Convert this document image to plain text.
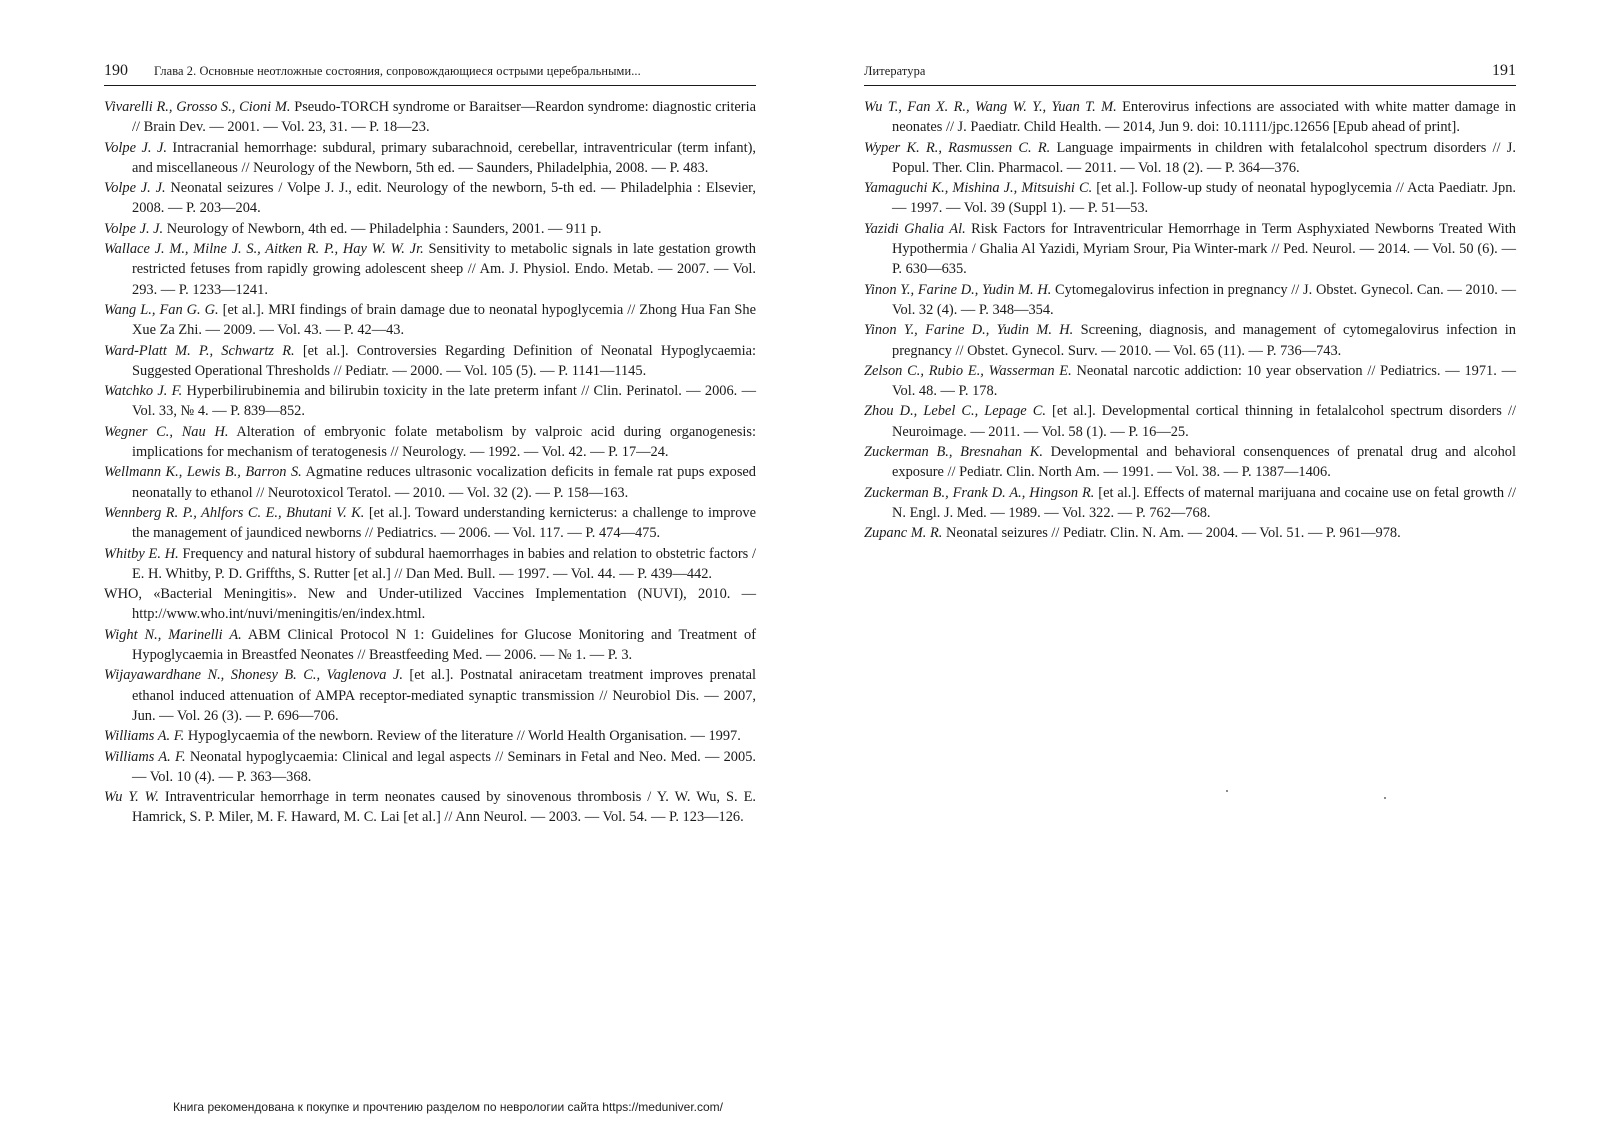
190 Глава 2. Основные неотложные состояния, сопровождающиеся острыми церебральными...

Vivarelli R., Grosso S., Cioni M. Pseudo-TORCH syndrome or Baraitser—Reardon syndrome: diagnostic criteria // Brain Dev. — 2001. — Vol. 23, 31. — P. 18—23.

Volpe J. J. Intracranial hemorrhage: subdural, primary subarachnoid, cerebellar, intraventricular (term infant), and miscellaneous // Neurology of the Newborn, 5th ed. — Saunders, Philadelphia, 2008. — P. 483.

Volpe J. J. Neonatal seizures / Volpe J. J., edit. Neurology of the newborn, 5-th ed. — Philadelphia : Elsevier, 2008. — P. 203—204.

Volpe J. J. Neurology of Newborn, 4th ed. — Philadelphia : Saunders, 2001. — 911 p.

Wallace J. M., Milne J. S., Aitken R. P., Hay W. W. Jr. Sensitivity to metabolic signals in late gestation growth restricted fetuses from rapidly growing adolescent sheep // Am. J. Physiol. Endo. Metab. — 2007. — Vol. 293. — P. 1233—1241.

Wang L., Fan G. G. [et al.]. MRI findings of brain damage due to neonatal hypoglycemia // Zhong Hua Fan She Xue Za Zhi. — 2009. — Vol. 43. — P. 42—43.

Ward-Platt M. P., Schwartz R. [et al.]. Controversies Regarding Definition of Neonatal Hypoglycaemia: Suggested Operational Thresholds // Pediatr. — 2000. — Vol. 105 (5). — P. 1141—1145.

Watchko J. F. Hyperbilirubinemia and bilirubin toxicity in the late preterm infant // Clin. Perinatol. — 2006. — Vol. 33, № 4. — P. 839—852.

Wegner C., Nau H. Alteration of embryonic folate metabolism by valproic acid during organogenesis: implications for mechanism of teratogenesis // Neurology. — 1992. — Vol. 42. — P. 17—24.

Wellmann K., Lewis B., Barron S. Agmatine reduces ultrasonic vocalization deficits in female rat pups exposed neonatally to ethanol // Neurotoxicol Teratol. — 2010. — Vol. 32 (2). — P. 158—163.

Wennberg R. P., Ahlfors C. E., Bhutani V. K. [et al.]. Toward understanding kernicterus: a challenge to improve the management of jaundiced newborns // Pediatrics. — 2006. — Vol. 117. — P. 474—475.

Whitby E. H. Frequency and natural history of subdural haemorrhages in babies and relation to obstetric factors / E. H. Whitby, P. D. Griffths, S. Rutter [et al.] // Dan Med. Bull. — 1997. — Vol. 44. — P. 439—442.

WHO, «Bacterial Meningitis». New and Under-utilized Vaccines Implementation (NUVI), 2010. — http://www.who.int/nuvi/meningitis/en/index.html.

Wight N., Marinelli A. ABM Clinical Protocol N 1: Guidelines for Glucose Monitoring and Treatment of Hypoglycaemia in Breastfed Neonates // Breastfeeding Med. — 2006. — № 1. — P. 3.

Wijayawardhane N., Shonesy B. C., Vaglenova J. [et al.]. Postnatal aniracetam treatment improves prenatal ethanol induced attenuation of AMPA receptor-mediated synaptic transmission // Neurobiol Dis. — 2007, Jun. — Vol. 26 (3). — P. 696—706.

Williams A. F. Hypoglycaemia of the newborn. Review of the literature // World Health Organisation. — 1997.

Williams A. F. Neonatal hypoglycaemia: Clinical and legal aspects // Seminars in Fetal and Neo. Med. — 2005. — Vol. 10 (4). — P. 363—368.

Wu Y. W. Intraventricular hemorrhage in term neonates caused by sinovenous thrombosis / Y. W. Wu, S. E. Hamrick, S. P. Miler, M. F. Haward, M. C. Lai [et al.] // Ann Neurol. — 2003. — Vol. 54. — P. 123—126.

Литература	191

Wu T., Fan X. R., Wang W. Y., Yuan T. M. Enterovirus infections are associated with white matter damage in neonates // J. Paediatr. Child Health. — 2014, Jun 9. doi: 10.1111/jpc.12656 [Epub ahead of print].

Wyper K. R., Rasmussen C. R. Language impairments in children with fetalalcohol spectrum disorders // J. Popul. Ther. Clin. Pharmacol. — 2011. — Vol. 18 (2). — P. 364—376.

Yamaguchi K., Mishina J., Mitsuishi C. [et al.]. Follow-up study of neonatal hypoglycemia // Acta Paediatr. Jpn. — 1997. — Vol. 39 (Suppl 1). — P. 51—53.

Yazidi Ghalia Al. Risk Factors for Intraventricular Hemorrhage in Term Asphyxiated Newborns Treated With Hypothermia / Ghalia Al Yazidi, Myriam Srour, Pia Winter-mark // Ped. Neurol. — 2014. — Vol. 50 (6). — P. 630—635.

Yinon Y., Farine D., Yudin M. H. Cytomegalovirus infection in pregnancy // J. Obstet. Gynecol. Can. — 2010. — Vol. 32 (4). — P. 348—354.

Yinon Y., Farine D., Yudin M. H. Screening, diagnosis, and management of cytomegalovirus infection in pregnancy // Obstet. Gynecol. Surv. — 2010. — Vol. 65 (11). — P. 736—743.

Zelson C., Rubio E., Wasserman E. Neonatal narcotic addiction: 10 year observation // Pediatrics. — 1971. — Vol. 48. — P. 178.

Zhou D., Lebel C., Lepage C. [et al.]. Developmental cortical thinning in fetalalcohol spectrum disorders // Neuroimage. — 2011. — Vol. 58 (1). — P. 16—25.

Zuckerman B., Bresnahan K. Developmental and behavioral consenquences of prenatal drug and alcohol exposure // Pediatr. Clin. North Am. — 1991. — Vol. 38. — P. 1387—1406.

Zuckerman B., Frank D. A., Hingson R. [et al.]. Effects of maternal marijuana and cocaine use on fetal growth // N. Engl. J. Med. — 1989. — Vol. 322. — P. 762—768.

Zupanc M. R. Neonatal seizures // Pediatr. Clin. N. Am. — 2004. — Vol. 51. — P. 961—978.

Книга рекомендована к покупке и прочтению разделом по неврологии сайта https://meduniver.com/
